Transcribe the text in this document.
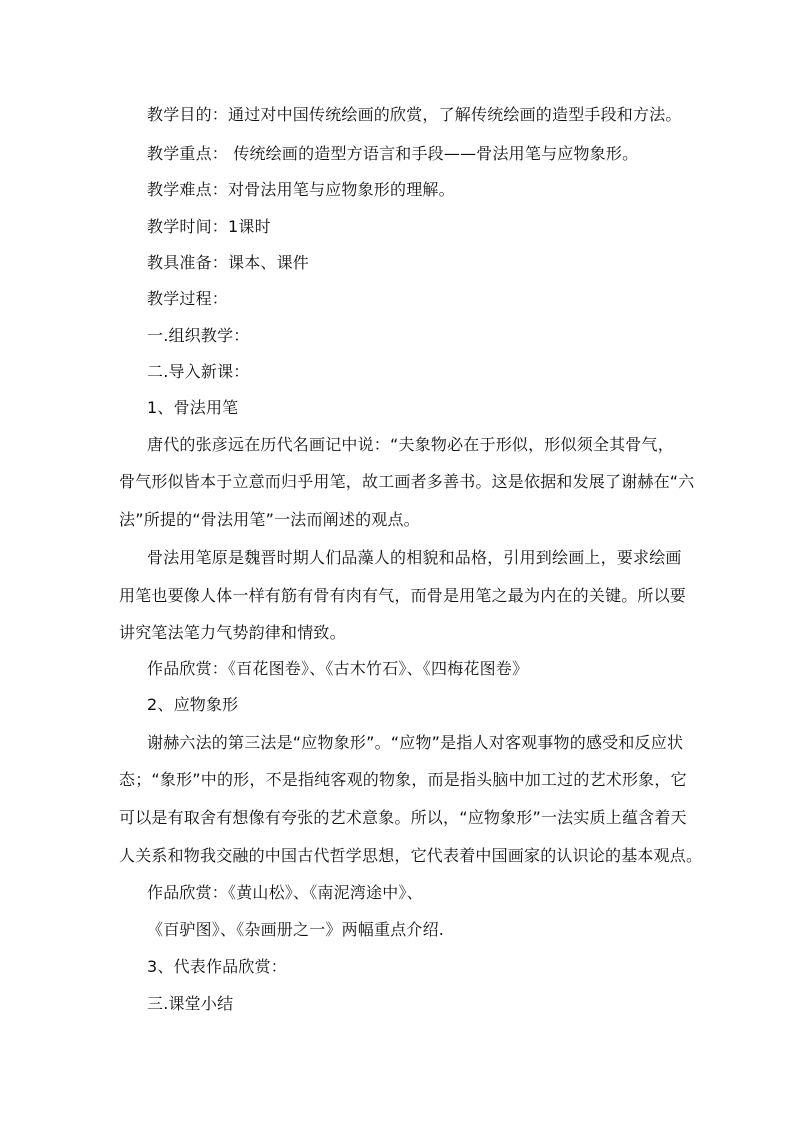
教学目的：通过对中国传统绘画的欣赏，了解传统绘画的造型手段和方法。
教学重点： 传统绘画的造型方语言和手段——骨法用笔与应物象形。
教学难点：对骨法用笔与应物象形的理解。
教学时间：1课时
教具准备：课本、课件
教学过程：
一.组织教学：
二.导入新课：
1、骨法用笔
唐代的张彦远在历代名画记中说：“夫象物必在于形似，形似须全其骨气，
骨气形似皆本于立意而归乎用笔，故工画者多善书。这是依据和发展了谢赫在“六
法”所提的“骨法用笔”一法而阐述的观点。
骨法用笔原是魏晋时期人们品藻人的相貌和品格，引用到绘画上，要求绘画
用笔也要像人体一样有筋有骨有肉有气，而骨是用笔之最为内在的关键。所以要
讲究笔法笔力气势韵律和情致。
作品欣赏：《百花图卷》、《古木竹石》、《四梅花图卷》
2、应物象形
谢赫六法的第三法是“应物象形”。“应物”是指人对客观事物的感受和反应状
态；“象形”中的形，不是指纯客观的物象，而是指头脑中加工过的艺术形象，它
可以是有取舍有想像有夸张的艺术意象。所以，“应物象形”一法实质上蕴含着天
人关系和物我交融的中国古代哲学思想，它代表着中国画家的认识论的基本观点。
作品欣赏：《黄山松》、《南泥湾途中》、
《百驴图》、《杂画册之一》两幅重点介绍.
3、代表作品欣赏：
三.课堂小结
